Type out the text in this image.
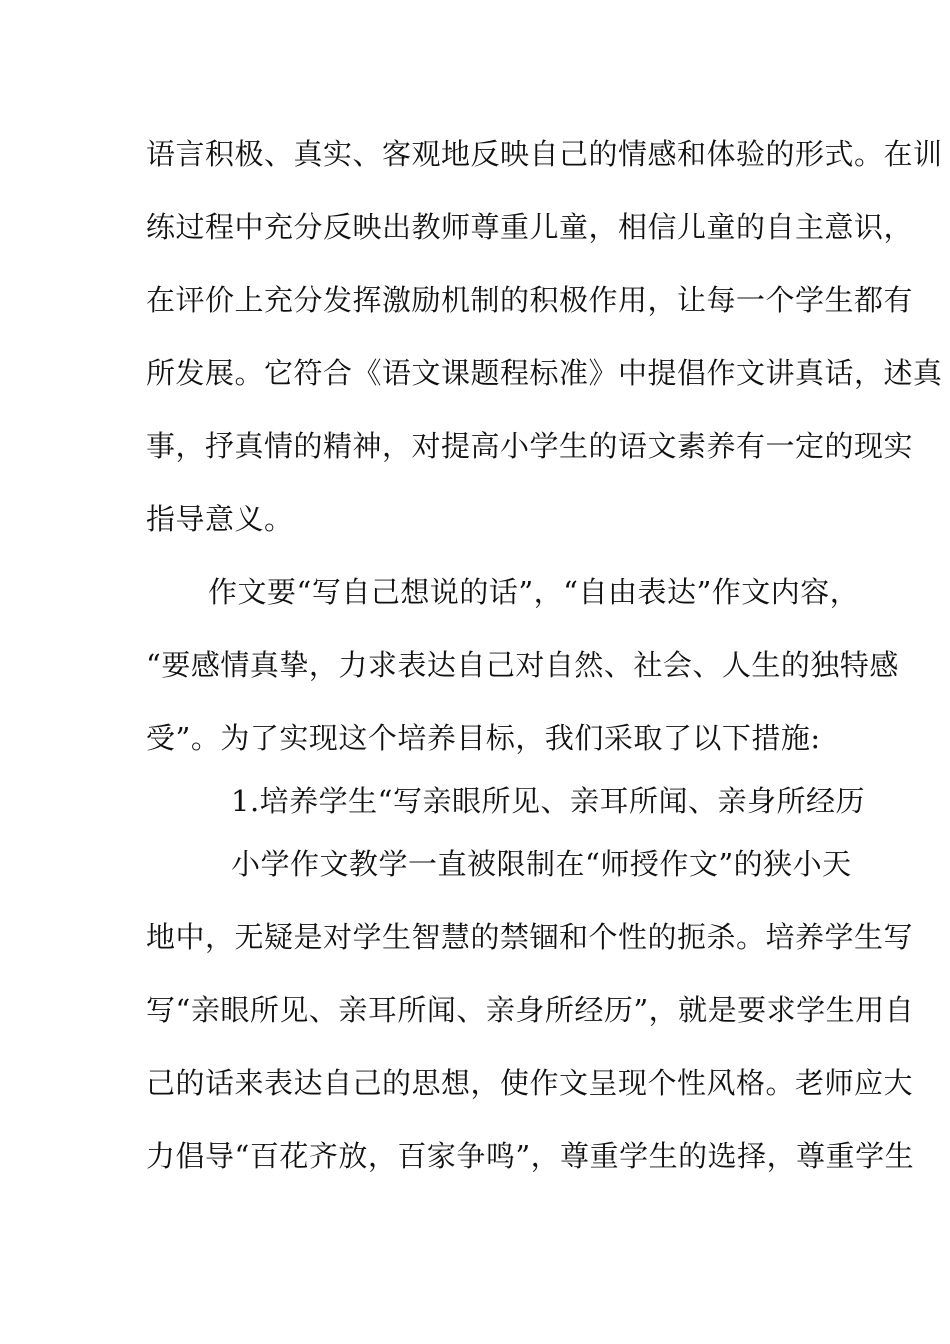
语言积极、真实、客观地反映自己的情感和体验的形式。在训
练过程中充分反映出教师尊重儿童，相信儿童的自主意识，
在评价上充分发挥激励机制的积极作用，让每一个学生都有
所发展。它符合《语文课题程标准》中提倡作文讲真话，述真
事，抒真情的精神，对提高小学生的语文素养有一定的现实
指导意义。
作文要“写自己想说的话”，“自由表达”作文内容，
“要感情真挚，力求表达自己对自然、社会、人生的独特感
受”。为了实现这个培养目标，我们采取了以下措施:
1.培养学生“写亲眼所见、亲耳所闻、亲身所经历
小学作文教学一直被限制在“师授作文”的狭小天
地中，无疑是对学生智慧的禁锢和个性的扼杀。培养学生写
写“亲眼所见、亲耳所闻、亲身所经历”，就是要求学生用自
己的话来表达自己的思想，使作文呈现个性风格。老师应大
力倡导“百花齐放，百家争鸣”，尊重学生的选择，尊重学生
